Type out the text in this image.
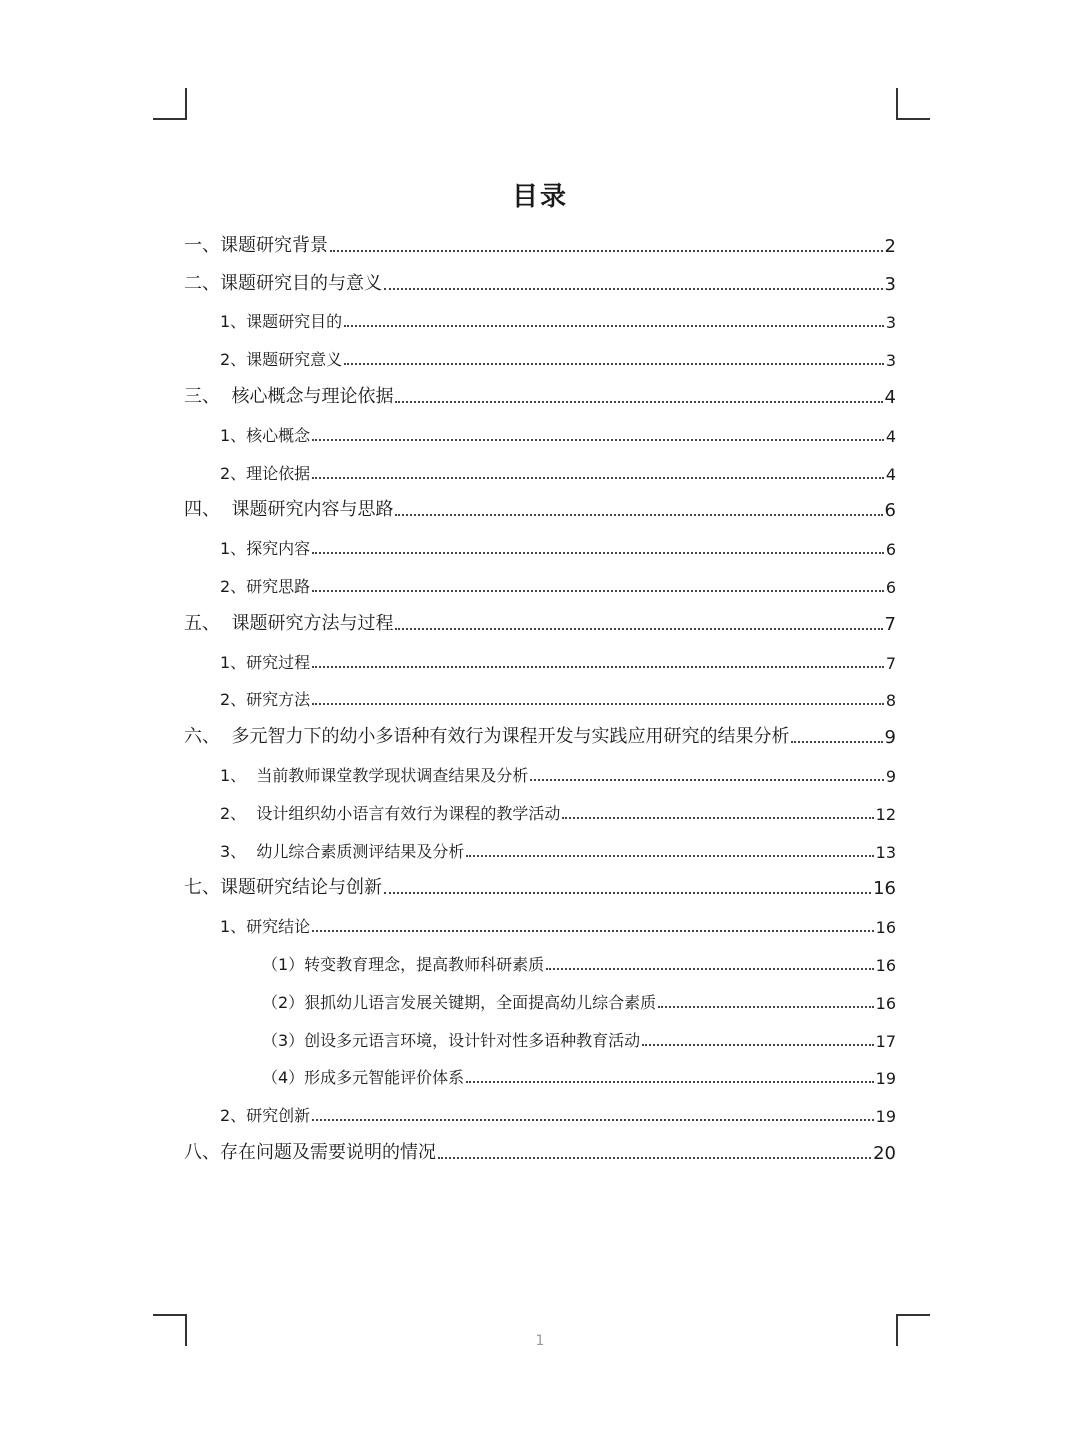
目录
一、课题研究背景	2
二、课题研究目的与意义	3
1、课题研究目的	3
2、课题研究意义	3
三、  核心概念与理论依据	4
1、核心概念	4
2、理论依据	4
四、  课题研究内容与思路	6
1、探究内容	6
2、研究思路	6
五、  课题研究方法与过程	7
1、研究过程	7
2、研究方法	8
六、  多元智力下的幼小多语种有效行为课程开发与实践应用研究的结果分析	9
1、  当前教师课堂教学现状调查结果及分析	9
2、  设计组织幼小语言有效行为课程的教学活动	12
3、  幼儿综合素质测评结果及分析	13
七、课题研究结论与创新	16
1、研究结论	16
（1）转变教育理念，提高教师科研素质	16
（2）狠抓幼儿语言发展关键期，全面提高幼儿综合素质	16
（3）创设多元语言环境，设计针对性多语种教育活动	17
（4）形成多元智能评价体系	19
2、研究创新	19
八、存在问题及需要说明的情况	20
1
